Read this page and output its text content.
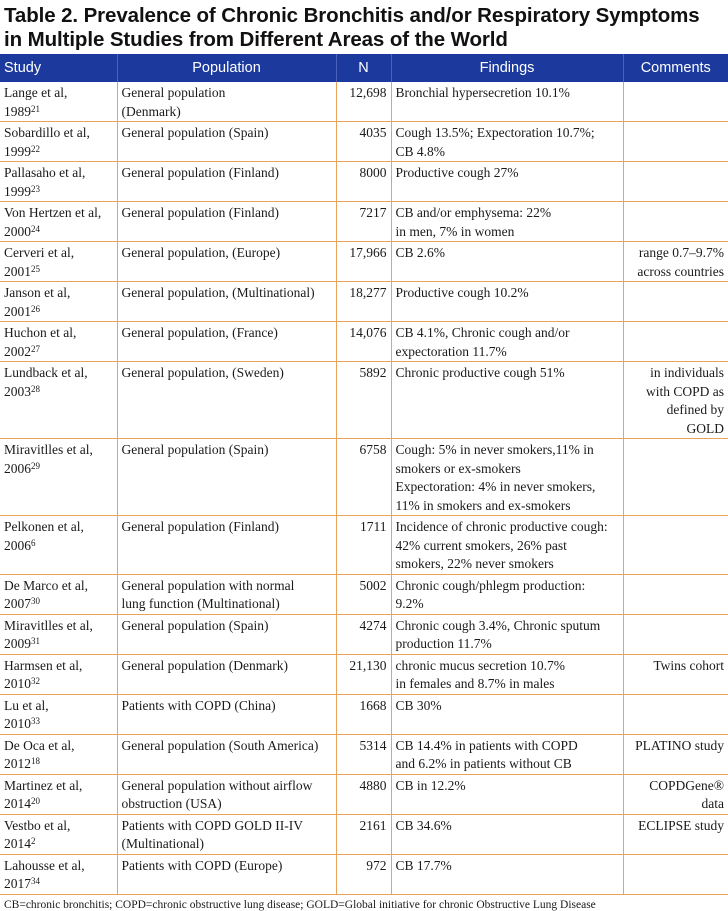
Table 2. Prevalence of Chronic Bronchitis and/or Respiratory Symptoms
in Multiple Studies from Different Areas of the World
Study	Population	N	Findings	Comments

Lange et al,
1989$^{21}$	General population
(Denmark)	12,698	Bronchial hypersecretion 10.1%	

Sobardillo et al,
1999$^{22}$	General population (Spain)	4035	Cough 13.5%; Expectoration 10.7%;
CB 4.8%	

Pallasaho et al,
1999$^{23}$	General population (Finland)	8000	Productive cough 27%	

Von Hertzen et al,
2000$^{24}$	General population (Finland)	7217	CB and/or emphysema: 22%
in men, 7% in women	

Cerveri et al,
2001$^{25}$	General population, (Europe)	17,966	CB 2.6%	range 0.7–9.7%
across countries

Janson et al,
2001$^{26}$	General population, (Multinational)	18,277	Productive cough 10.2%	

Huchon et al,
2002$^{27}$	General population, (France)	14,076	CB 4.1%, Chronic cough and/or
expectoration 11.7%	

Lundback et al,
2003$^{28}$	General population, (Sweden)	5892	Chronic productive cough 51%	in individuals
with COPD as
defined by
GOLD

Miravitlles et al,
2006$^{29}$	General population (Spain)	6758	Cough: 5% in never smokers,11% in
smokers or ex-smokers
Expectoration: 4% in never smokers,
11% in smokers and ex-smokers	

Pelkonen et al,
2006$^6$	General population (Finland)	1711	Incidence of chronic productive cough:
42% current smokers, 26% past
smokers, 22% never smokers	

De Marco et al,
2007$^{30}$	General population with normal
lung function (Multinational)	5002	Chronic cough/phlegm production:
9.2%	

Miravitlles et al,
2009$^{31}$	General population (Spain)	4274	Chronic cough 3.4%, Chronic sputum
production 11.7%	

Harmsen et al,
2010$^{32}$	General population (Denmark)	21,130	chronic mucus secretion 10.7%
in females and 8.7% in males	Twins cohort

Lu et al,
2010$^{33}$	Patients with COPD (China)	1668	CB 30%	

De Oca et al,
2012$^{18}$	General population (South America)	5314	CB 14.4% in patients with COPD
and 6.2% in patients without CB	PLATINO study

Martinez et al,
2014$^{20}$	General population without airflow
obstruction (USA)	4880	CB in 12.2%	COPDGene®
data

Vestbo et al,
2014$^2$	Patients with COPD GOLD II-IV
(Multinational)	2161	CB 34.6%	ECLIPSE study

Lahousse et al,
2017$^{34}$	Patients with COPD (Europe)	972	CB 17.7%	

CB=chronic bronchitis; COPD=chronic obstructive lung disease; GOLD=Global initiative for chronic Obstructive Lung Disease
